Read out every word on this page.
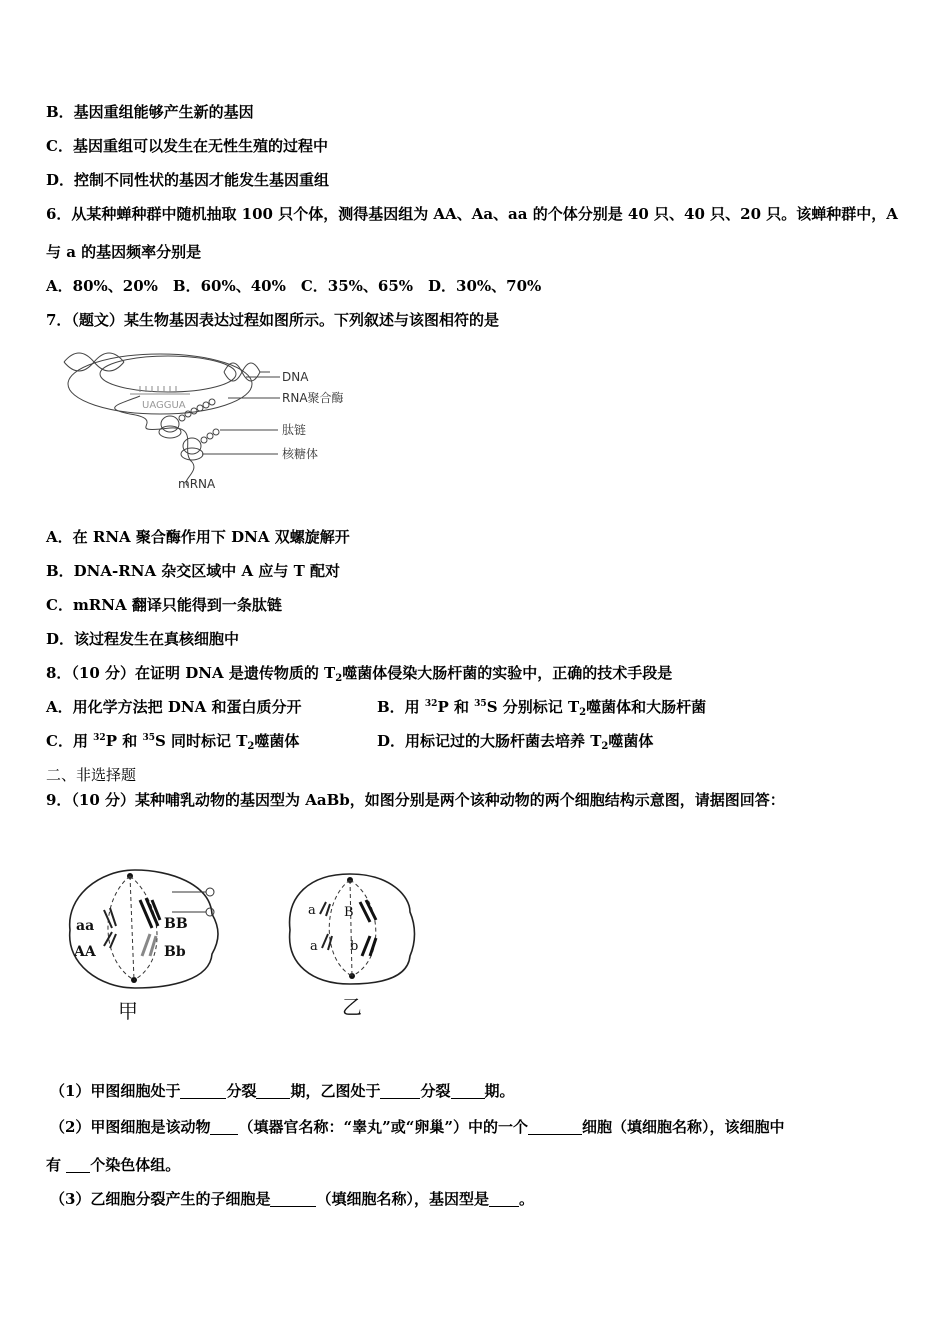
B．基因重组能够产生新的基因
C．基因重组可以发生在无性生殖的过程中
D．控制不同性状的基因才能发生基因重组
6．从某种蝉种群中随机抽取 100 只个体，测得基因组为 AA、Aa、aa 的个体分别是 40 只、40 只、20 只。该蝉种群中，A
与 a 的基因频率分别是
A．80%、20%　B．60%、40%　C．35%、65%　D．30%、70%
7．（题文）某生物基因表达过程如图所示。下列叙述与该图相符的是
UAGGUA
DNA
RNA聚合酶
肽链
核糖体
mRNA
A．在 RNA 聚合酶作用下 DNA 双螺旋解开
B．DNA-RNA 杂交区域中 A 应与 T 配对
C．mRNA 翻译只能得到一条肽链
D．该过程发生在真核细胞中
8．（10 分）在证明 DNA 是遗传物质的 $T_2$噬菌体侵染大肠杆菌的实验中，正确的技术手段是
A．用化学方法把 DNA 和蛋白质分开	B．用 $^{32}$P 和 $^{35}$S 分别标记 $T_2$噬菌体和大肠杆菌
C．用 $^{32}$P 和 $^{35}$S 同时标记 $T_2$噬菌体	D．用标记过的大肠杆菌去培养 $T_2$噬菌体
二、非选择题
9．（10 分）某种哺乳动物的基因型为 AaBb，如图分别是两个该种动物的两个细胞结构示意图，请据图回答：
aa
AA
BB
Bb
甲
a B
a b
乙
（1）甲图细胞处于	分裂 期，乙图处于	分裂 期。
（2）甲图细胞是该动物 （填器官名称：“睾丸”或“卵巢”）中的一个	细胞（填细胞名称），该细胞中
有 个染色体组。
（3）乙细胞分裂产生的子细胞是	（填细胞名称），基因型是 。
